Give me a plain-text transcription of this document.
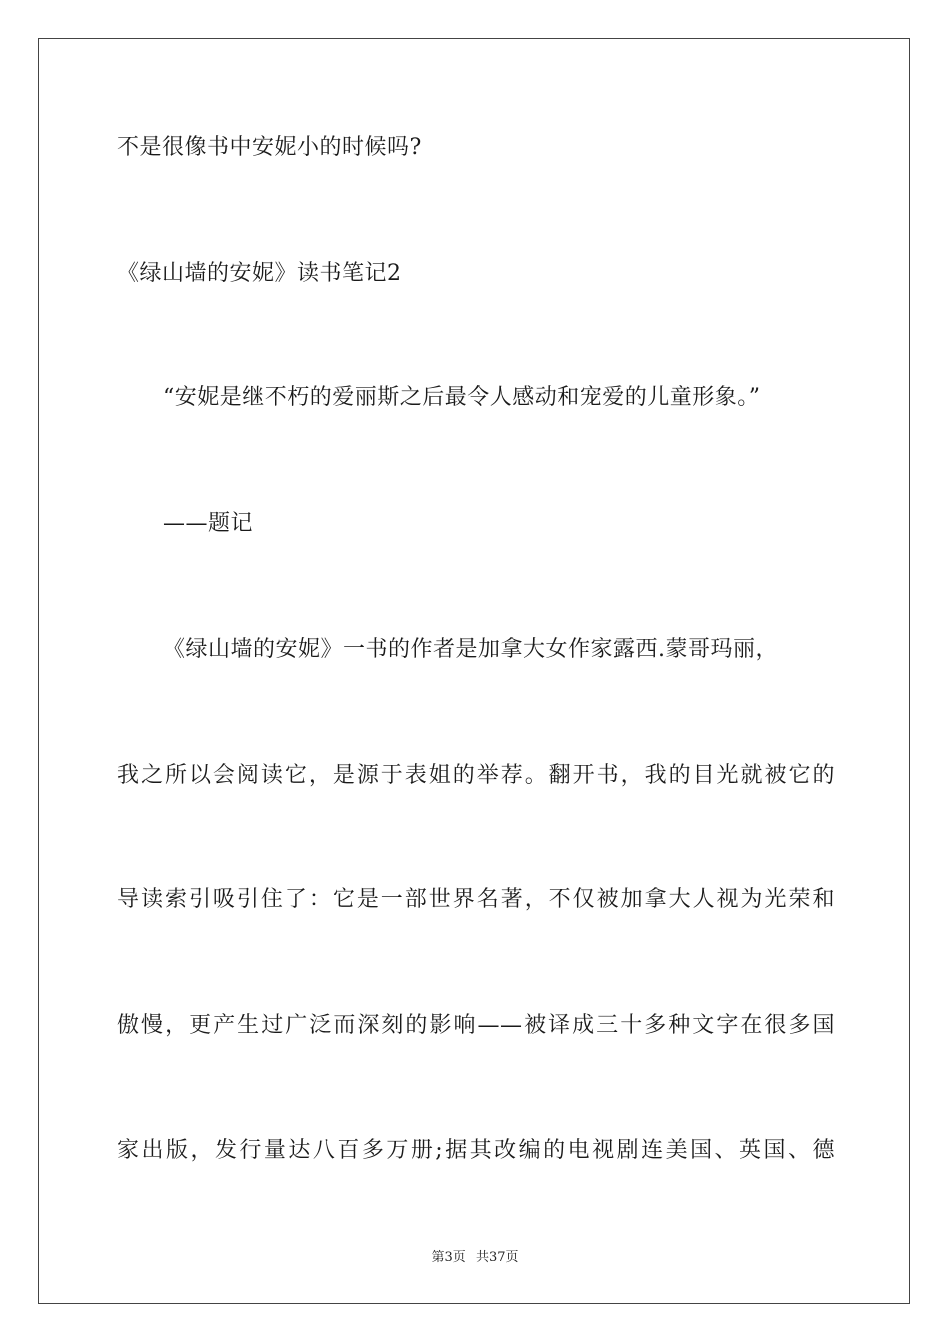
不是很像书中安妮小的时候吗?
《绿山墙的安妮》读书笔记2
“安妮是继不朽的爱丽斯之后最令人感动和宠爱的儿童形象。”
——题记
《绿山墙的安妮》一书的作者是加拿大女作家露西.蒙哥玛丽，
我之所以会阅读它，是源于表姐的举荐。翻开书，我的目光就被它的
导读索引吸引住了：它是一部世界名著，不仅被加拿大人视为光荣和
傲慢，更产生过广泛而深刻的影响——被译成三十多种文字在很多国
家出版，发行量达八百多万册;据其改编的电视剧连美国、英国、德
第3页 共37页
